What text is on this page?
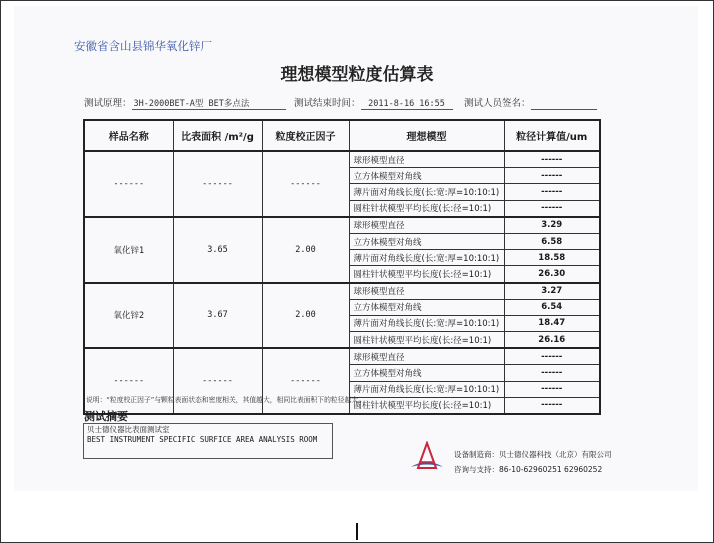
安徽省含山县锦华氧化锌厂
理想模型粒度估算表
测试原理： 3H-2000BET-A型 BET多点法	测试结束时间： 2011-8-16 16:55	测试人员签名：
样品名称	比表面积 /m²/g	粒度校正因子	理想模型	粒径计算值/um
------	------	------	球形模型直径	------
			立方体模型对角线	------
			薄片面对角线长度(长:宽:厚=10:10:1)	------
			圆柱针状模型平均长度(长:径=10:1)	------
氧化锌1	3.65	2.00	球形模型直径	3.29
			立方体模型对角线	6.58
			薄片面对角线长度(长:宽:厚=10:10:1)	18.58
			圆柱针状模型平均长度(长:径=10:1)	26.30
氧化锌2	3.67	2.00	球形模型直径	3.27
			立方体模型对角线	6.54
			薄片面对角线长度(长:宽:厚=10:10:1)	18.47
			圆柱针状模型平均长度(长:径=10:1)	26.16
------	------	------	球形模型直径	------
			立方体模型对角线	------
			薄片面对角线长度(长:宽:厚=10:10:1)	------
			圆柱针状模型平均长度(长:径=10:1)	------
说明：“粒度校正因子”与颗粒表面状态和密度相关，其值越大，相同比表面积下的粒径越大。
测试摘要
贝士德仪器比表面测试室
BEST INSTRUMENT SPECIFIC SURFICE AREA ANALYSIS ROOM
设备制造商：贝士德仪器科技（北京）有限公司
咨询与支持：86-10-62960251 62960252
